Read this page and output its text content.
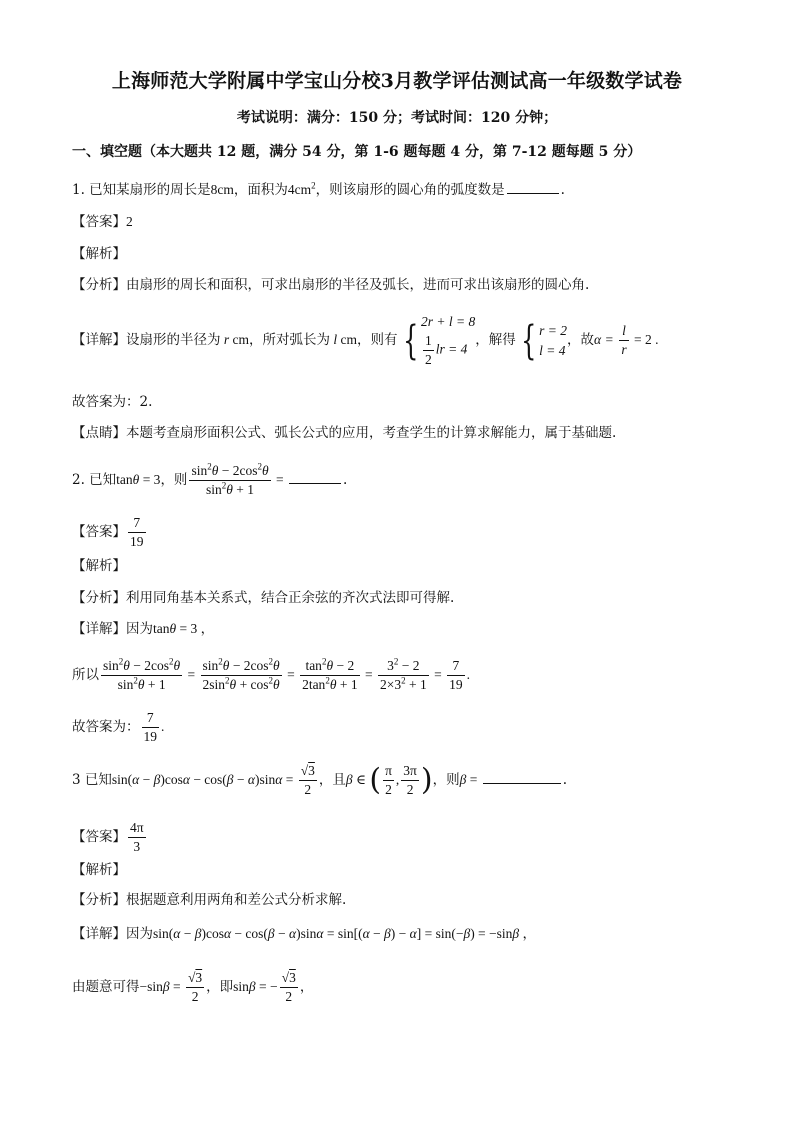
上海师范大学附属中学宝山分校3月教学评估测试高一年级数学试卷
考试说明：满分：150 分；考试时间：120 分钟；
一、填空题（本大题共 12 题，满分 54 分，第 1-6 题每题 4 分，第 7-12 题每题 5 分）
1. 已知某扇形的周长是8cm，面积为$4cm^2$，则该扇形的圆心角的弧度数是	.
【答案】2
【解析】
【分析】由扇形的周长和面积，可求出扇形的半径及弧长，进而可求出该扇形的圆心角.
【详解】设扇形的半径为 r cm，所对弧长为 l cm，则有 { 2r + l = 8
$\frac{1}{2}$ lr = 4
，解得 { r = 2
l = 4
，故$\alpha = \frac{l}{r} = 2$ .
故答案为：2.
【点睛】本题考查扇形面积公式、弧长公式的应用，考查学生的计算求解能力，属于基础题.
2. 已知tanθ = 3，则 $\frac{\sin^2\theta - 2\cos^2\theta}{\sin^2\theta + 1}$ =	.
【答案】 $\frac{7}{19}$
【解析】
【分析】利用同角基本关系式，结合正余弦的齐次式法即可得解.
【详解】因为tanθ = 3 ，
所以 $\frac{\sin^2\theta - 2\cos^2\theta}{\sin^2\theta + 1} = \frac{\sin^2\theta - 2\cos^2\theta}{2\sin^2\theta + \cos^2\theta} = \frac{\tan^2\theta - 2}{2\tan^2\theta + 1} = \frac{3^2 - 2}{2\times 3^2 + 1} = \frac{7}{19}$ .
故答案为： $\frac{7}{19}$ .
3 已知$\sin(\alpha - \beta)\cos\alpha - \cos(\beta - \alpha)\sin\alpha = \frac{√3}{2}$ ，且β ∈ ( $\frac{\pi}{2}$ , $\frac{3\pi}{2}$ )，则β =	.
【答案】 $\frac{4\pi}{3}$
【解析】
【分析】根据题意利用两角和差公式分析求解.
【详解】因为sin(α − β)cosα − cos(β − α)sinα = sin[(α − β) − α] = sin(−β) = −sinβ ，
由题意可得$-\sin\beta = \frac{√3}{2}$ ，即sinβ = − $\frac{√3}{2}$ ，
